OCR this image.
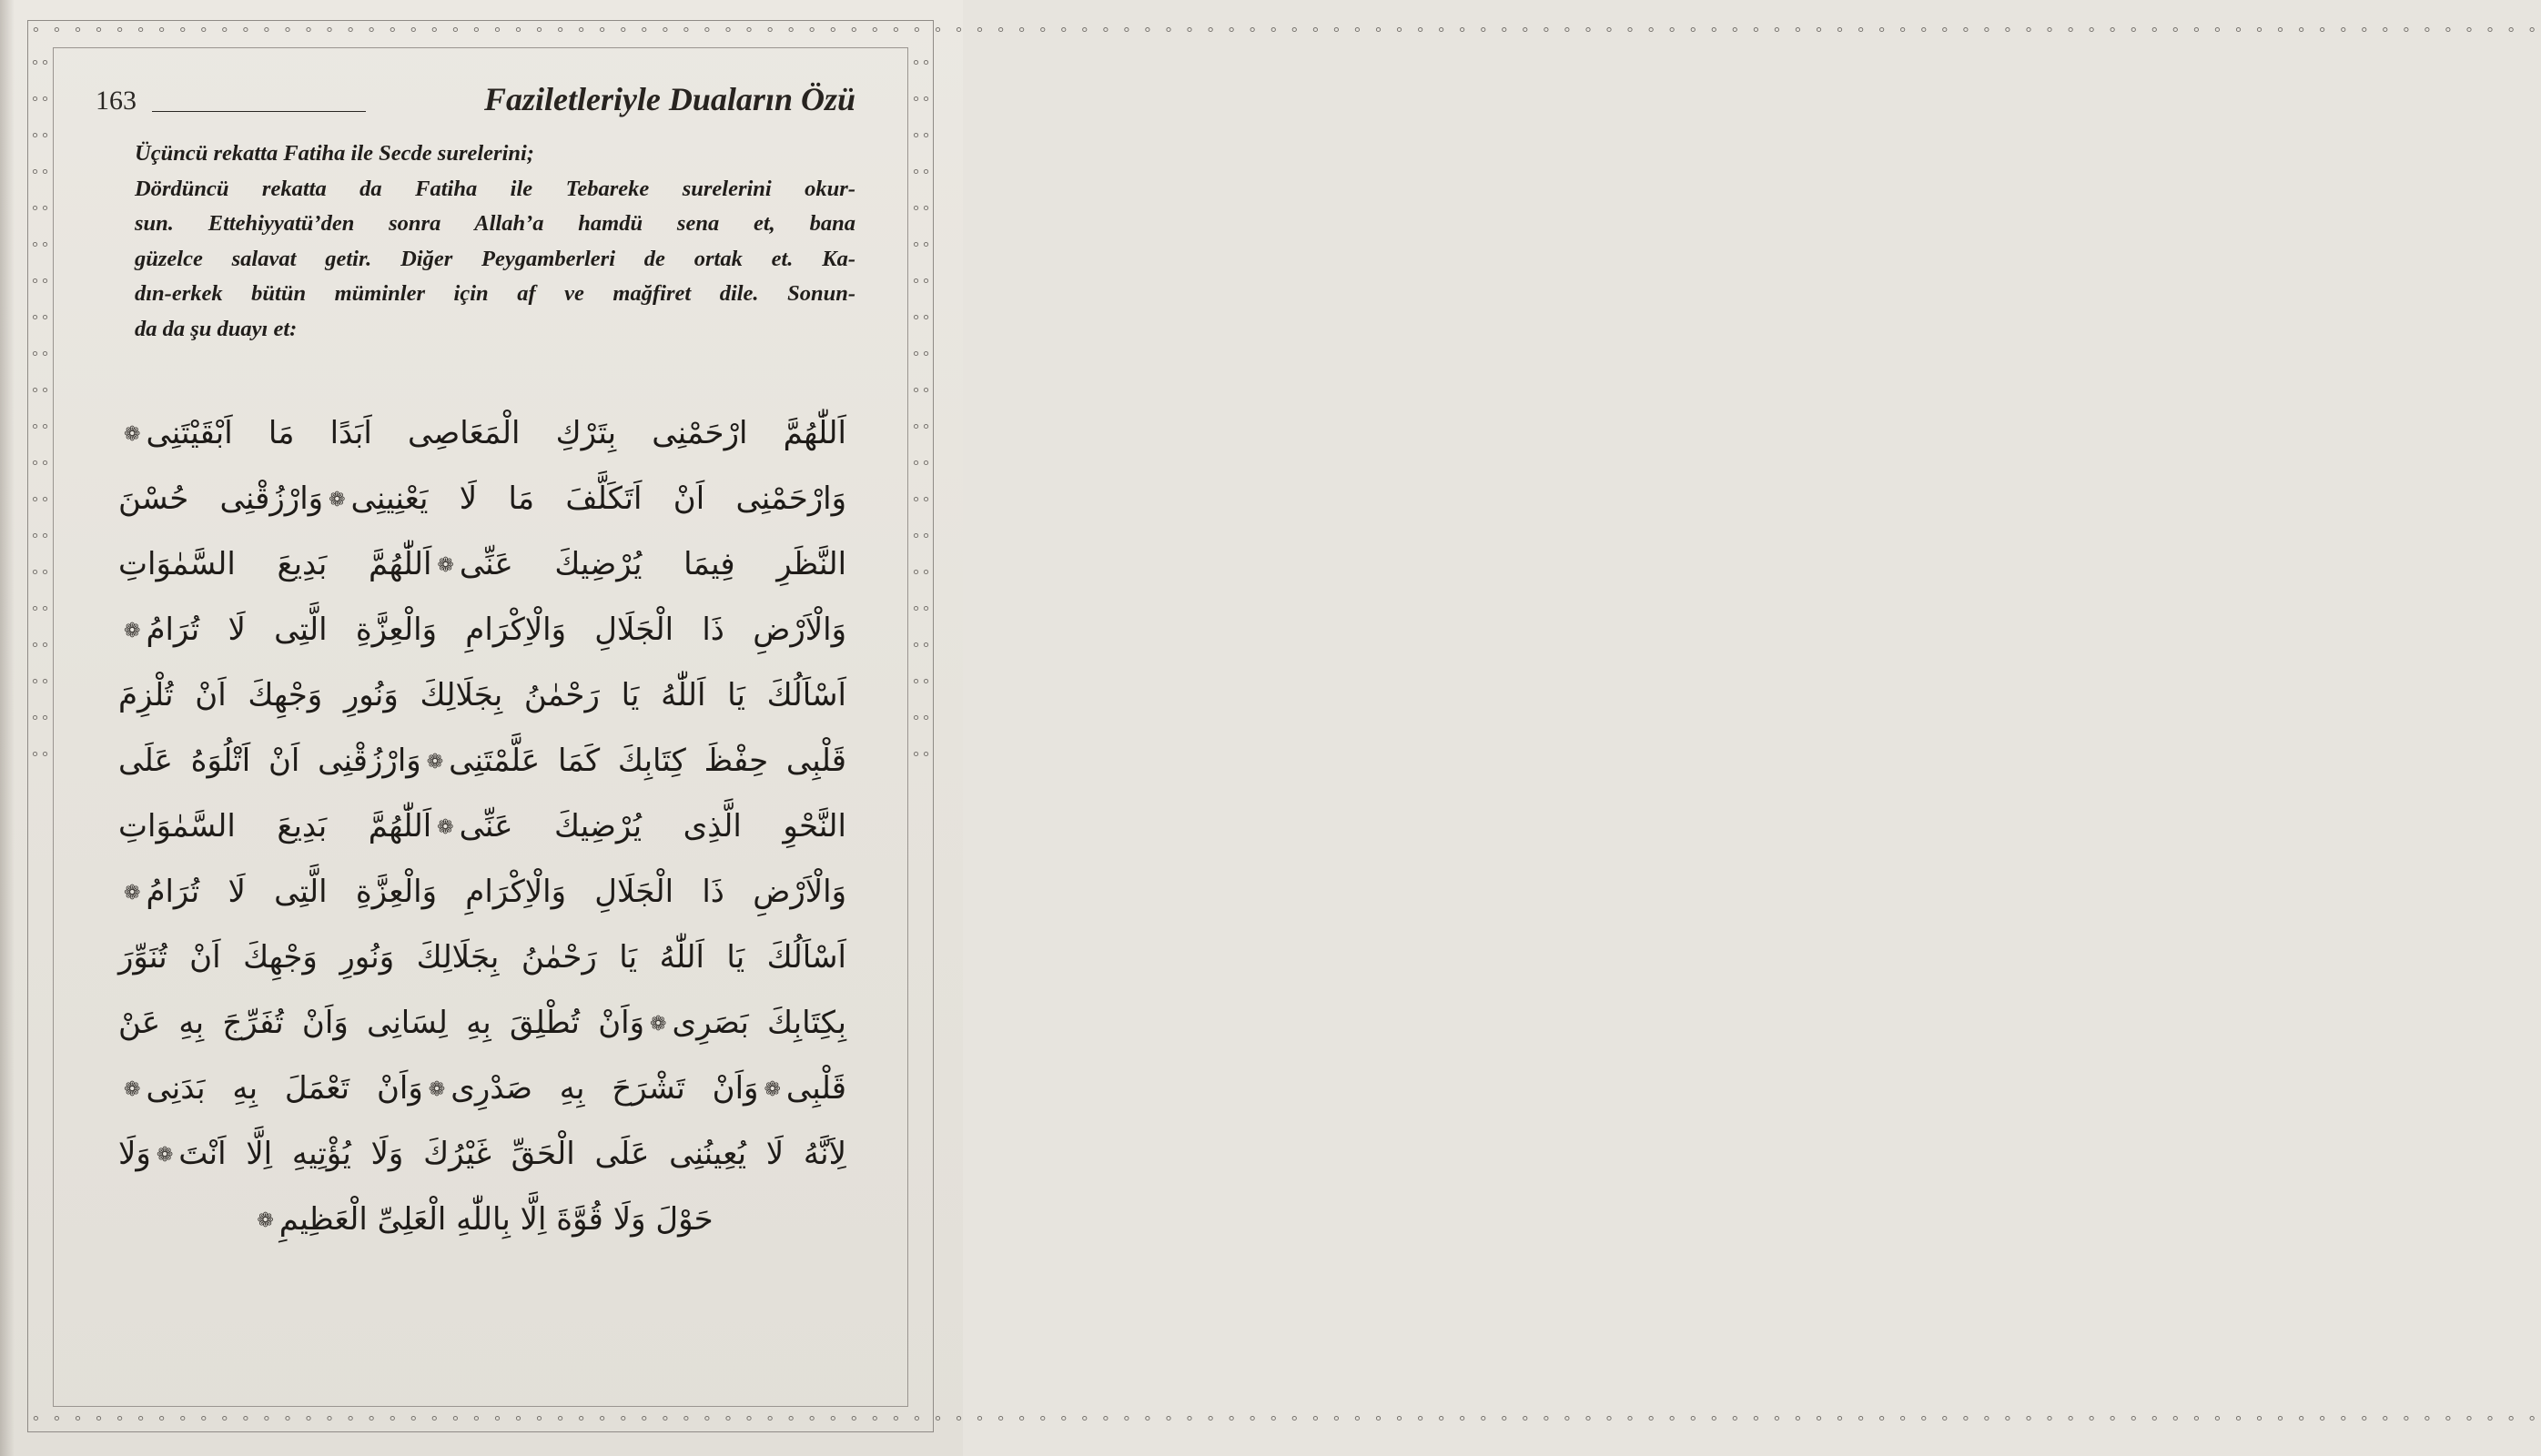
° ° ° ° ° ° ° ° ° ° ° ° ° ° ° ° ° ° ° ° ° ° ° ° ° ° ° ° ° ° ° ° ° ° ° ° ° ° ° ° ° ° ° ° ° ° ° ° ° ° ° ° ° ° ° ° ° ° ° ° ° ° ° ° ° ° ° ° ° ° ° ° ° ° ° ° ° ° ° ° ° ° ° ° ° ° ° ° ° ° ° ° ° ° ° ° ° ° ° ° ° ° ° ° ° ° ° ° ° ° ° ° ° ° ° ° ° ° ° °
° ° ° ° ° ° ° ° ° ° ° ° ° ° ° ° ° ° ° ° ° ° ° ° ° ° ° ° ° ° ° ° ° ° ° ° ° ° ° ° ° ° ° ° ° ° ° ° ° ° ° ° ° ° ° ° ° ° ° ° ° ° ° ° ° ° ° ° ° ° ° ° ° ° ° ° ° ° ° ° ° ° ° ° ° ° ° ° ° ° ° ° ° ° ° ° ° ° ° ° ° ° ° ° ° ° ° ° ° ° ° ° ° ° ° ° ° ° ° °
° ° ° ° ° ° ° ° ° ° ° ° ° ° ° ° ° ° ° ° ° ° ° ° ° ° ° ° ° ° ° ° ° ° ° ° ° ° ° °
° ° ° ° ° ° ° ° ° ° ° ° ° ° ° ° ° ° ° ° ° ° ° ° ° ° ° ° ° ° ° ° ° ° ° ° ° ° ° °
163	Faziletleriyle Duaların Özü
Üçüncü rekatta Fatiha ile Secde surelerini;
Dördüncü rekatta da Fatiha ile Tebareke surelerini okur-
sun. Ettehiyyatü’den sonra Allah’a hamdü sena et, bana
güzelce salavat getir. Diğer Peygamberleri de ortak et. Ka-
dın-erkek bütün müminler için af ve mağfiret dile. Sonun-
da da şu duayı et:
اَللّٰهُمَّ ارْحَمْنِى بِتَرْكِ الْمَعَاصِى اَبَدًا مَا اَبْقَيْتَنِى❁
وَارْحَمْنِى اَنْ اَتَكَلَّفَ مَا لَا يَعْنِينِى❁وَارْزُقْنِى حُسْنَ
النَّظَرِ فِيمَا يُرْضِيكَ عَنِّى❁اَللّٰهُمَّ بَدِيعَ السَّمٰوَاتِ
وَالْاَرْضِ ذَا الْجَلَالِ وَالْاِكْرَامِ وَالْعِزَّةِ الَّتِى لَا تُرَامُ❁
اَسْاَلُكَ يَا اَللّٰهُ يَا رَحْمٰنُ بِجَلَالِكَ وَنُورِ وَجْهِكَ اَنْ تُلْزِمَ
قَلْبِى حِفْظَ كِتَابِكَ كَمَا عَلَّمْتَنِى❁وَارْزُقْنِى اَنْ اَتْلُوَهُ عَلَى
النَّحْوِ الَّذِى يُرْضِيكَ عَنِّى❁اَللّٰهُمَّ بَدِيعَ السَّمٰوَاتِ
وَالْاَرْضِ ذَا الْجَلَالِ وَالْاِكْرَامِ وَالْعِزَّةِ الَّتِى لَا تُرَامُ❁
اَسْاَلُكَ يَا اَللّٰهُ يَا رَحْمٰنُ بِجَلَالِكَ وَنُورِ وَجْهِكَ اَنْ تُنَوِّرَ
بِكِتَابِكَ بَصَرِى❁وَاَنْ تُطْلِقَ بِهِ لِسَانِى وَاَنْ تُفَرِّجَ بِهِ عَنْ
قَلْبِى❁وَاَنْ تَشْرَحَ بِهِ صَدْرِى❁وَاَنْ تَعْمَلَ بِهِ بَدَنِى❁
لِاَنَّهُ لَا يُعِينُنِى عَلَى الْحَقِّ غَيْرُكَ وَلَا يُؤْتِيهِ اِلَّا اَنْتَ❁وَلَا
حَوْلَ وَلَا قُوَّةَ اِلَّا بِاللّٰهِ الْعَلِىِّ الْعَظِيمِ❁
